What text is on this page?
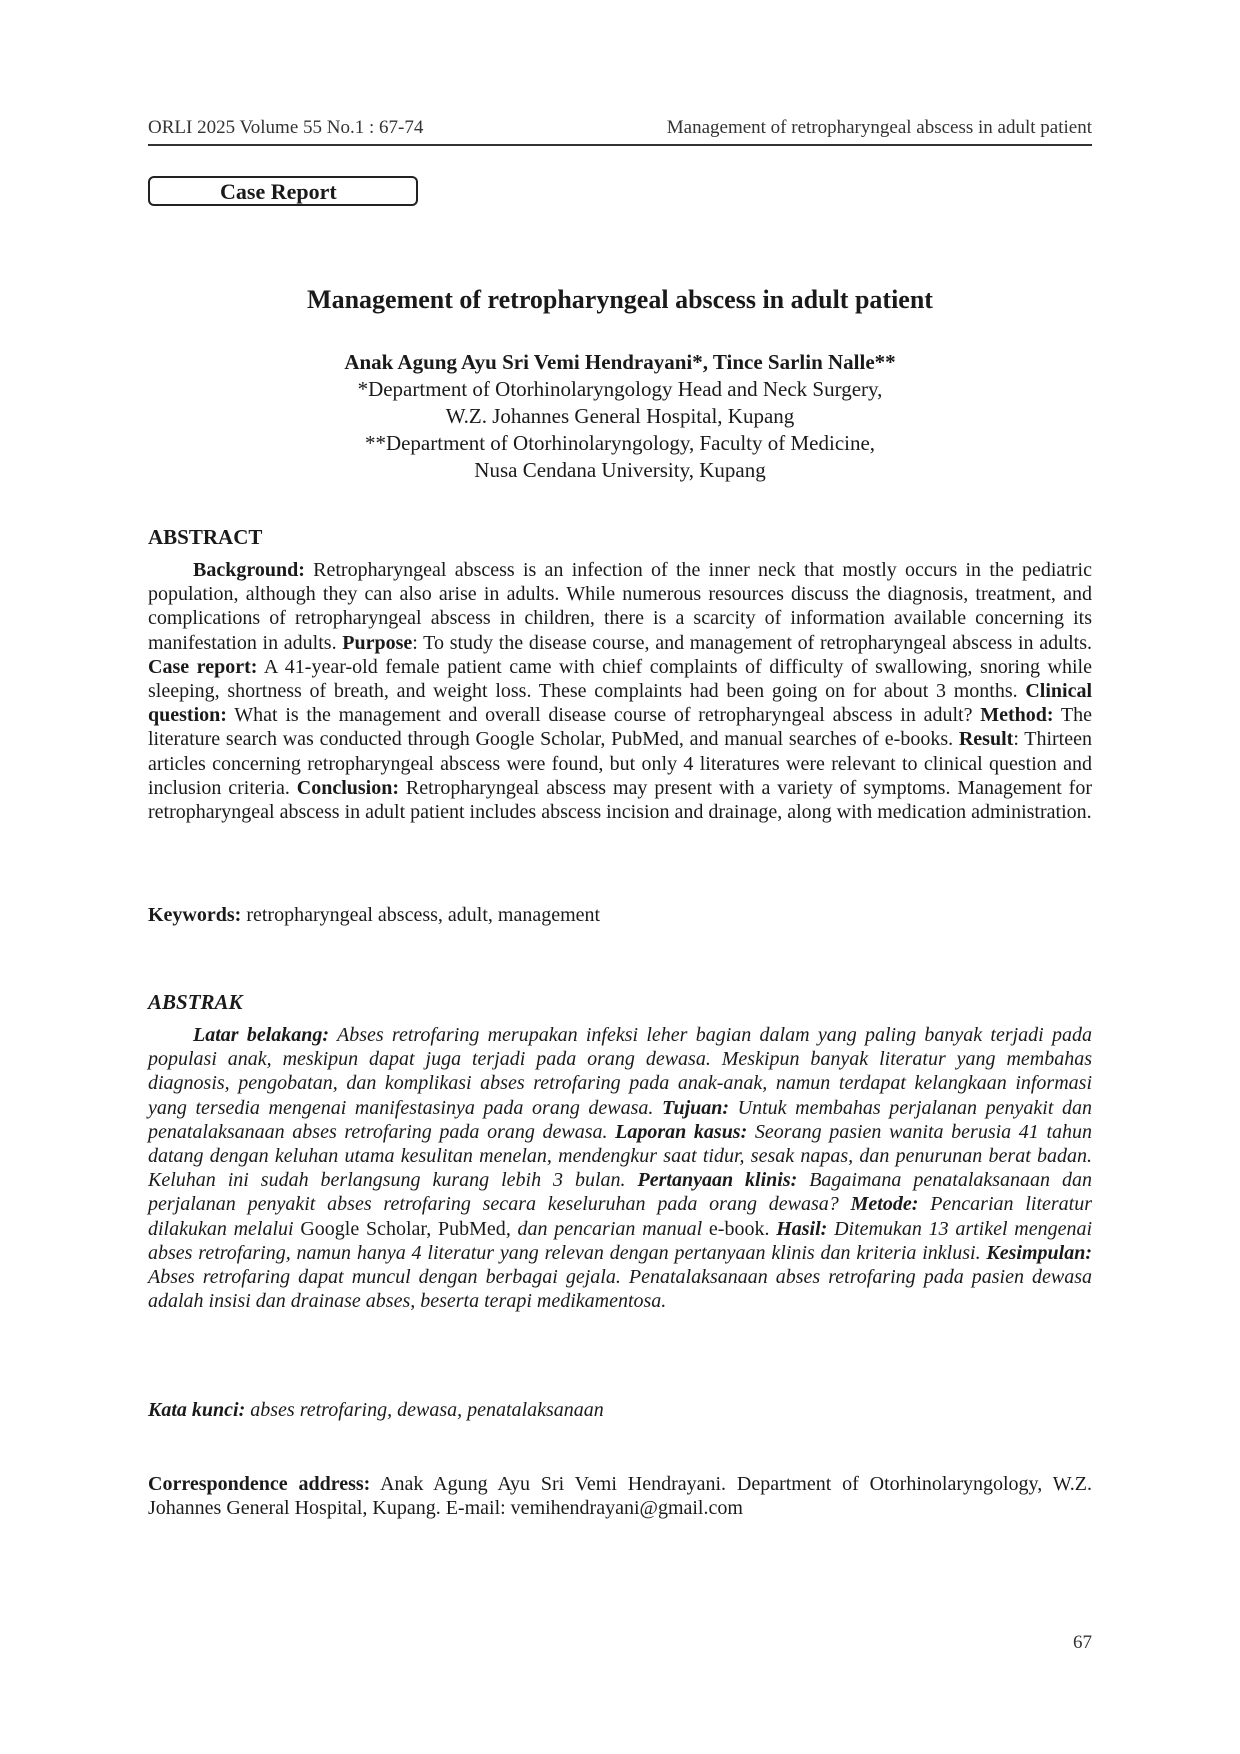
ORLI 2025 Volume 55 No.1 : 67-74	Management of retropharyngeal abscess in adult patient
Case Report
Management of retropharyngeal abscess in adult patient
Anak Agung Ayu Sri Vemi Hendrayani*, Tince Sarlin Nalle**
*Department of Otorhinolaryngology Head and Neck Surgery,
W.Z. Johannes General Hospital, Kupang
**Department of Otorhinolaryngology, Faculty of Medicine,
Nusa Cendana University, Kupang
ABSTRACT

Background: Retropharyngeal abscess is an infection of the inner neck that mostly occurs in the pediatric population, although they can also arise in adults. While numerous resources discuss the diagnosis, treatment, and complications of retropharyngeal abscess in children, there is a scarcity of information available concerning its manifestation in adults. Purpose: To study the disease course, and management of retropharyngeal abscess in adults. Case report: A 41-year-old female patient came with chief complaints of difficulty of swallowing, snoring while sleeping, shortness of breath, and weight loss. These complaints had been going on for about 3 months. Clinical question: What is the management and overall disease course of retropharyngeal abscess in adult? Method: The literature search was conducted through Google Scholar, PubMed, and manual searches of e-books. Result: Thirteen articles concerning retropharyngeal abscess were found, but only 4 literatures were relevant to clinical question and inclusion criteria. Conclusion: Retropharyngeal abscess may present with a variety of symptoms. Management for retropharyngeal abscess in adult patient includes abscess incision and drainage, along with medication administration.

Keywords: retropharyngeal abscess, adult, management

ABSTRAK

Latar belakang: Abses retrofaring merupakan infeksi leher bagian dalam yang paling banyak terjadi pada populasi anak, meskipun dapat juga terjadi pada orang dewasa. Meskipun banyak literatur yang membahas diagnosis, pengobatan, dan komplikasi abses retrofaring pada anak-anak, namun terdapat kelangkaan informasi yang tersedia mengenai manifestasinya pada orang dewasa. Tujuan: Untuk membahas perjalanan penyakit dan penatalaksanaan abses retrofaring pada orang dewasa. Laporan kasus: Seorang pasien wanita berusia 41 tahun datang dengan keluhan utama kesulitan menelan, mendengkur saat tidur, sesak napas, dan penurunan berat badan. Keluhan ini sudah berlangsung kurang lebih 3 bulan. Pertanyaan klinis: Bagaimana penatalaksanaan dan perjalanan penyakit abses retrofaring secara keseluruhan pada orang dewasa? Metode: Pencarian literatur dilakukan melalui Google Scholar, PubMed, dan pencarian manual e-book. Hasil: Ditemukan 13 artikel mengenai abses retrofaring, namun hanya 4 literatur yang relevan dengan pertanyaan klinis dan kriteria inklusi. Kesimpulan: Abses retrofaring dapat muncul dengan berbagai gejala. Penatalaksanaan abses retrofaring pada pasien dewasa adalah insisi dan drainase abses, beserta terapi medikamentosa.

Kata kunci: abses retrofaring, dewasa, penatalaksanaan

Correspondence address: Anak Agung Ayu Sri Vemi Hendrayani. Department of Otorhinolaryngology, W.Z. Johannes General Hospital, Kupang. E-mail: vemihendrayani@gmail.com

67
